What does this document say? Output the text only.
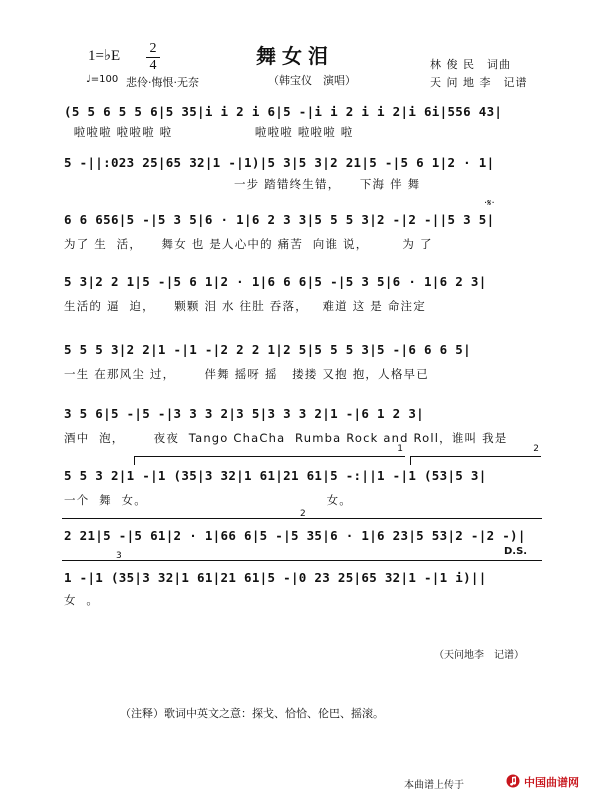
1=♭E 2
4
♩=100 悲伶·悔恨·无奈
舞女泪
（韩宝仪　演唱）
林 俊 民　词曲
天 问 地 李　记谱
(5 5 6 5 5 6|5 35|i i 2 i 6|5 -|i i 2 i i 2|i 6i|556 43|
啦啦啦 啦啦啦 啦                 啦啦啦 啦啦啦 啦
5 -||:023 25|65 32|1 -|1)|5 3|5 3|2 21|5 -|5 6 1|2 · 1|
一步 踏错终生错，    下海 伴 舞
·𝄋·
6 6 656|5 -|5 3 5|6 · 1|6 2 3 3|5 5 5 3|2 -|2 -||5 3 5|
为了 生  活，    舞女 也 是人心中的 痛苦  向谁 说，       为 了
5 3|2 2 1|5 -|5 6 1|2 · 1|6 6 6|5 -|5 3 5|6 · 1|6 2 3|
生活的 逼  迫，    颗颗 泪 水 往肚 吞落，   难道 这 是 命注定
5 5 5 3|2 2|1 -|1 -|2 2 2 1|2 5|5 5 5 3|5 -|6 6 6 5|
一生 在那风尘 过，      伴舞 摇呀 摇   搂搂 又抱 抱，人格早已
3 5 6|5 -|5 -|3 3 3 2|3 5|3 3 3 2|1 -|6 1 2 3|
酒中  泡，      夜夜  Tango ChaCha  Rumba Rock and Roll，谁叫 我是
1	2
5 5 3 2|1 -|1 (35|3 32|1 61|21 61|5 -:||1 -|1 (53|5 3|
一个  舞  女。                                     女。
2
2 21|5 -|5 61|2 · 1|66 6|5 -|5 35|6 · 1|6 23|5 53|2 -|2 -)|
D.S.
3
1 -|1 (35|3 32|1 61|21 61|5 -|0 23 25|65 32|1 -|1 i)||
女  。
（天问地李　记谱）
（注释）歌词中英文之意：探戈、恰恰、伦巴、摇滚。
本曲谱上传于	中国曲谱网
